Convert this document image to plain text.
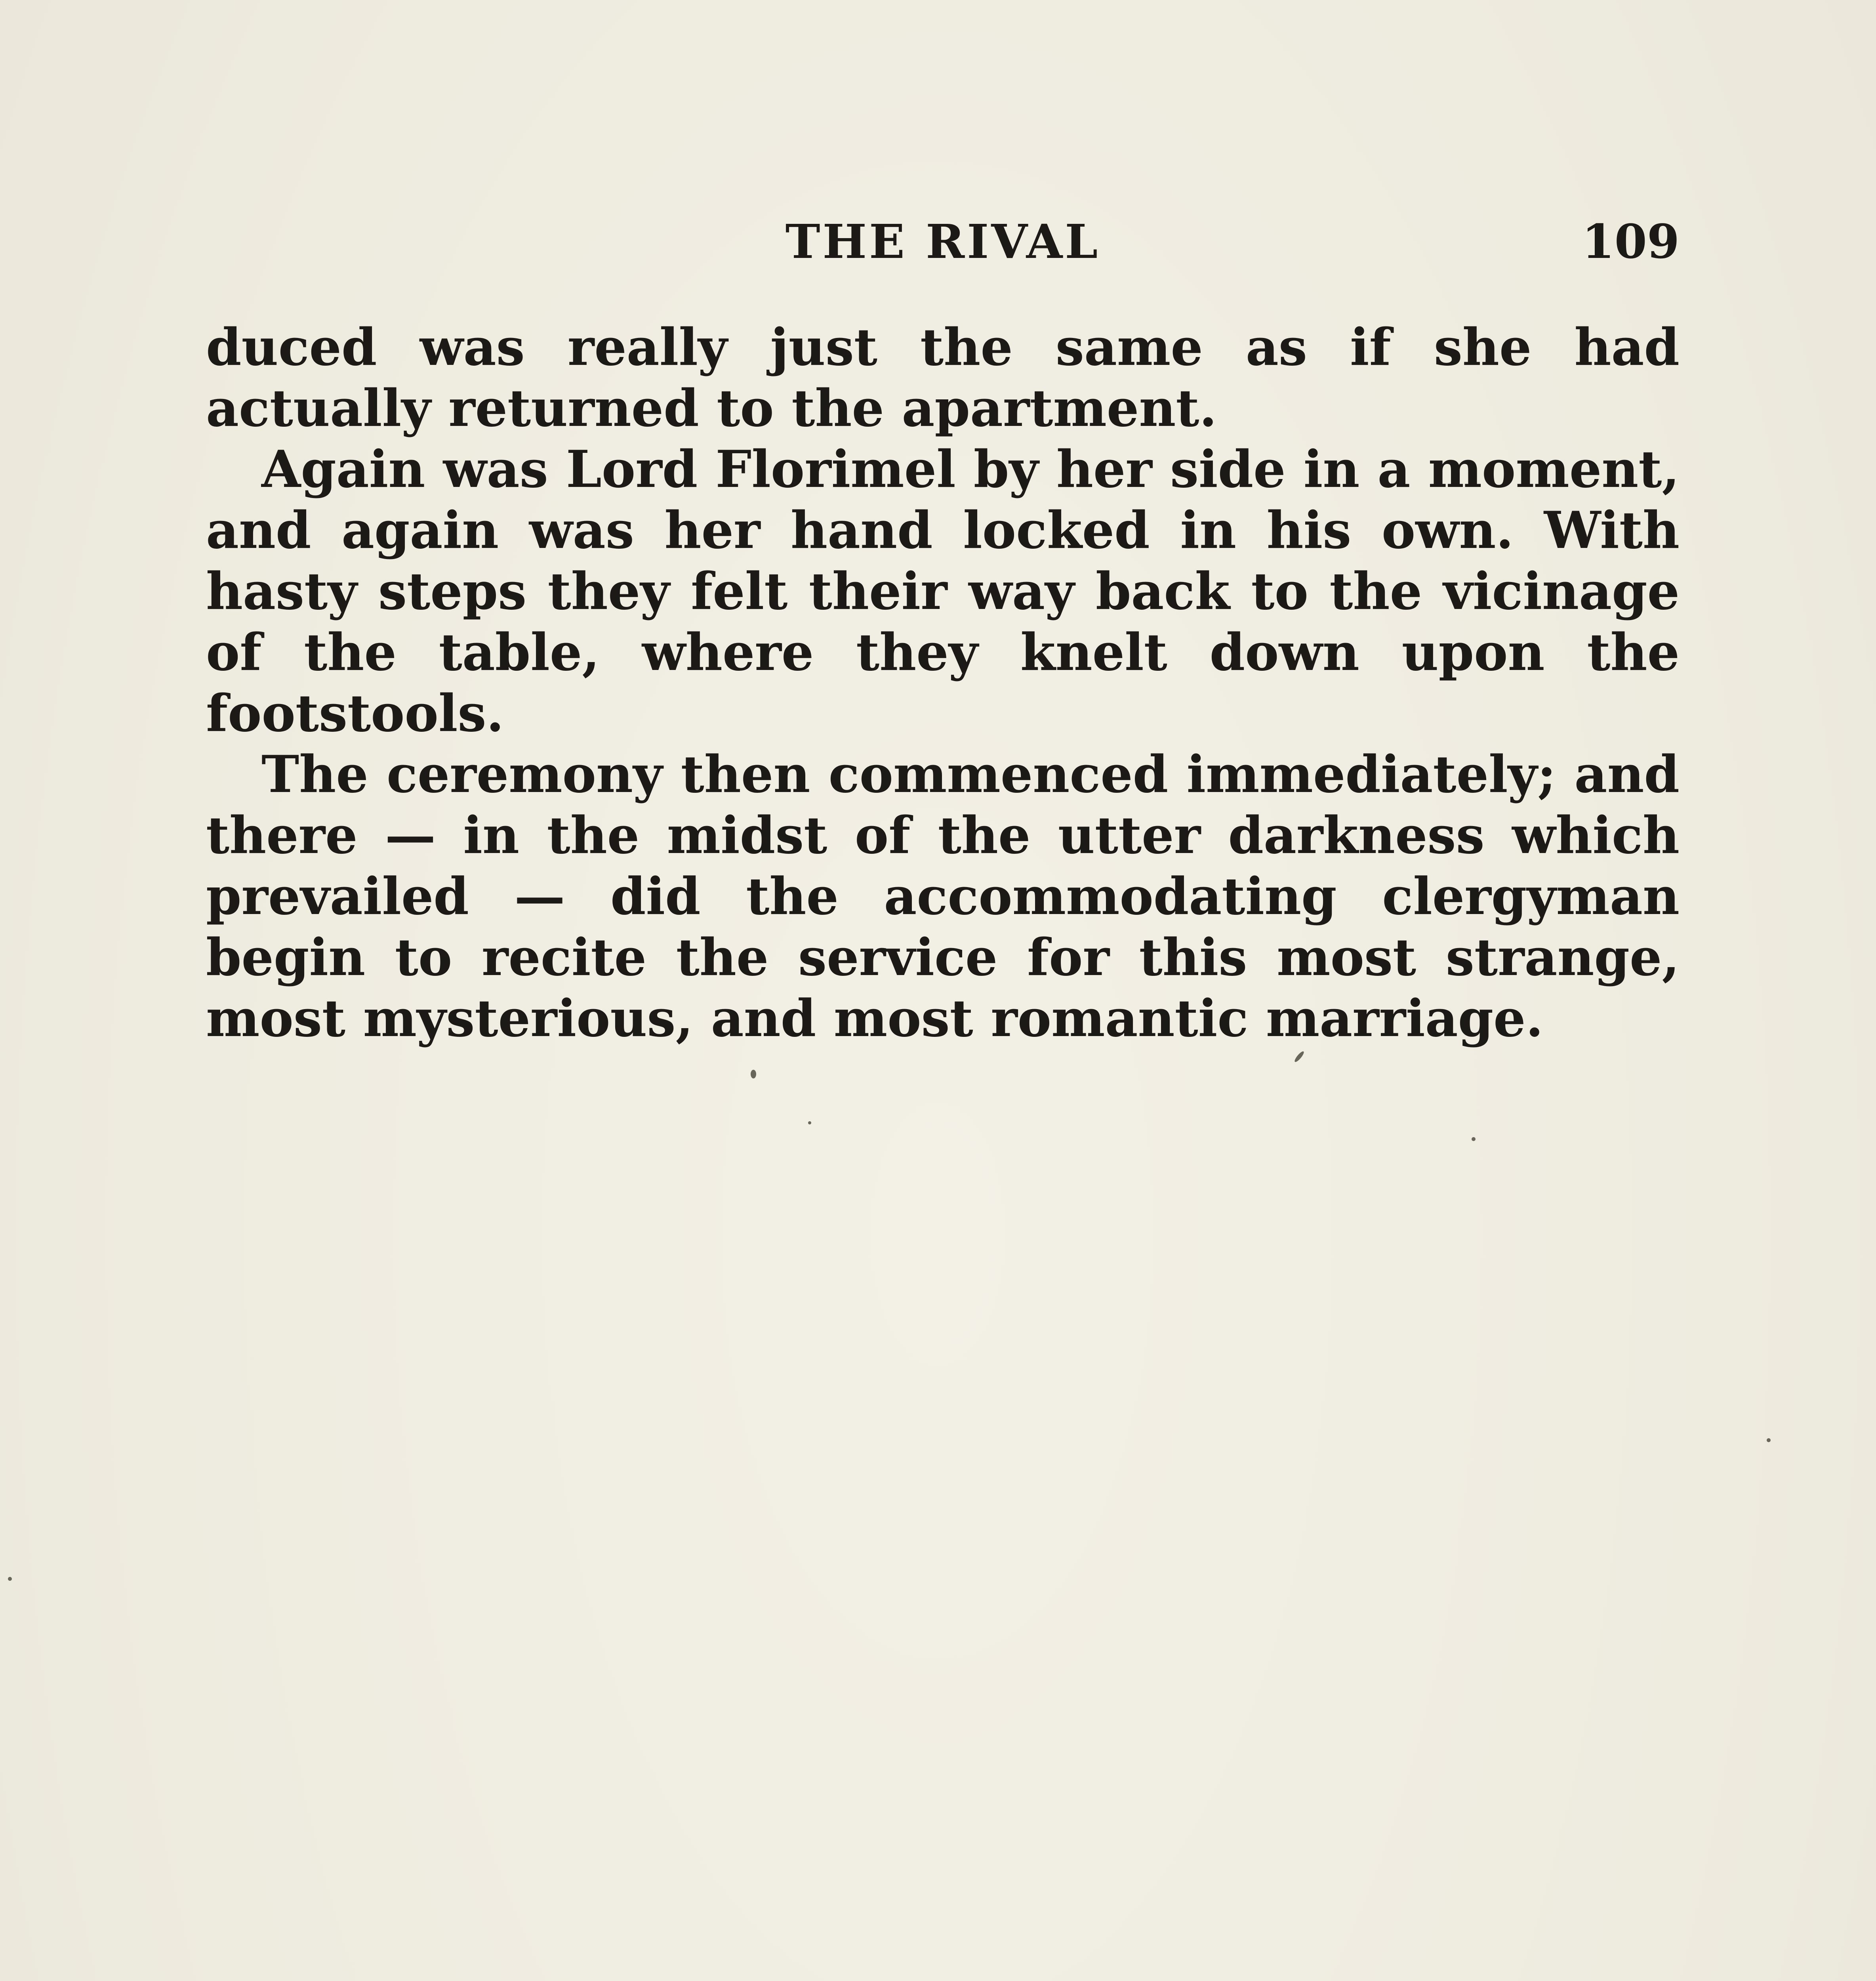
THE RIVAL	109

duced was really just the same as if she had actually returned to the apartment.

Again was Lord Florimel by her side in a moment, and again was her hand locked in his own. With hasty steps they felt their way back to the vicinage of the table, where they knelt down upon the footstools.

The ceremony then commenced immediately; and there — in the midst of the utter darkness which prevailed — did the accommodating clergyman begin to recite the service for this most strange, most mysterious, and most romantic marriage.
